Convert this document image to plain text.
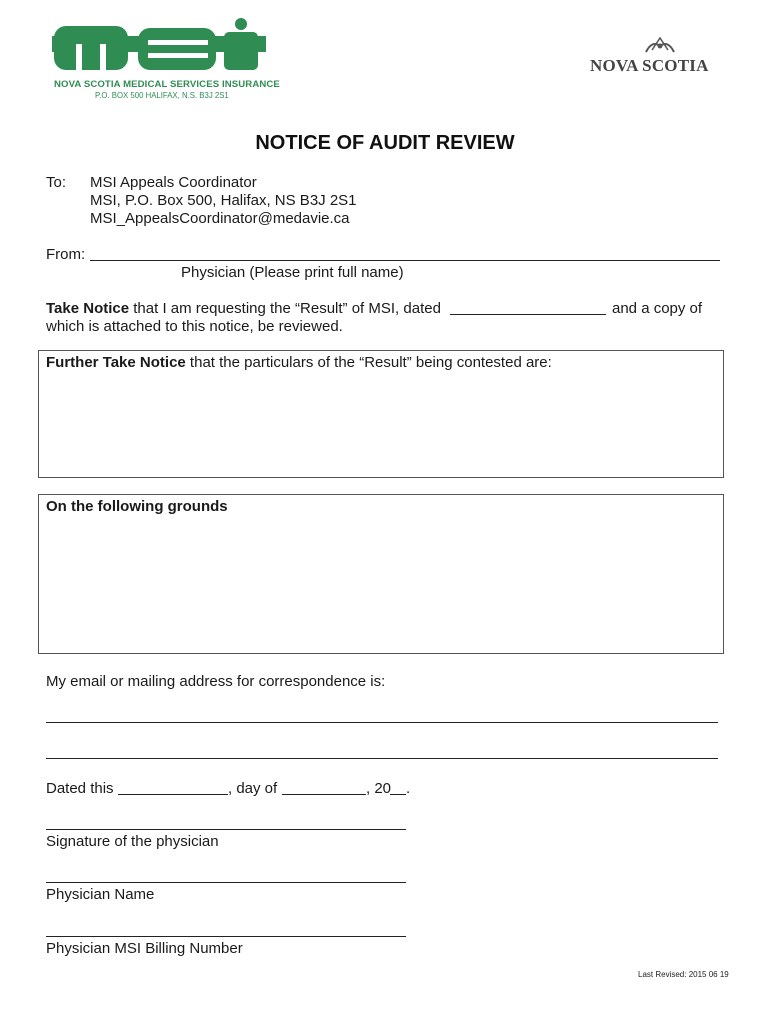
NOVA SCOTIA MEDICAL SERVICES INSURANCE
P.O. BOX 500 HALIFAX, N.S. B3J 2S1
NOVA SCOTIA
NOTICE OF AUDIT REVIEW
To: MSI Appeals Coordinator
MSI, P.O. Box 500, Halifax, NS B3J 2S1
MSI_AppealsCoordinator@medavie.ca
From:
Physician (Please print full name)
Take Notice that I am requesting the “Result” of MSI, dated	and a copy of
which is attached to this notice, be reviewed.
Further Take Notice that the particulars of the “Result” being contested are:
On the following grounds
My email or mailing address for correspondence is:
Dated this	, day of	, 20 .
Signature of the physician
Physician Name
Physician MSI Billing Number
Last Revised: 2015 06 19
